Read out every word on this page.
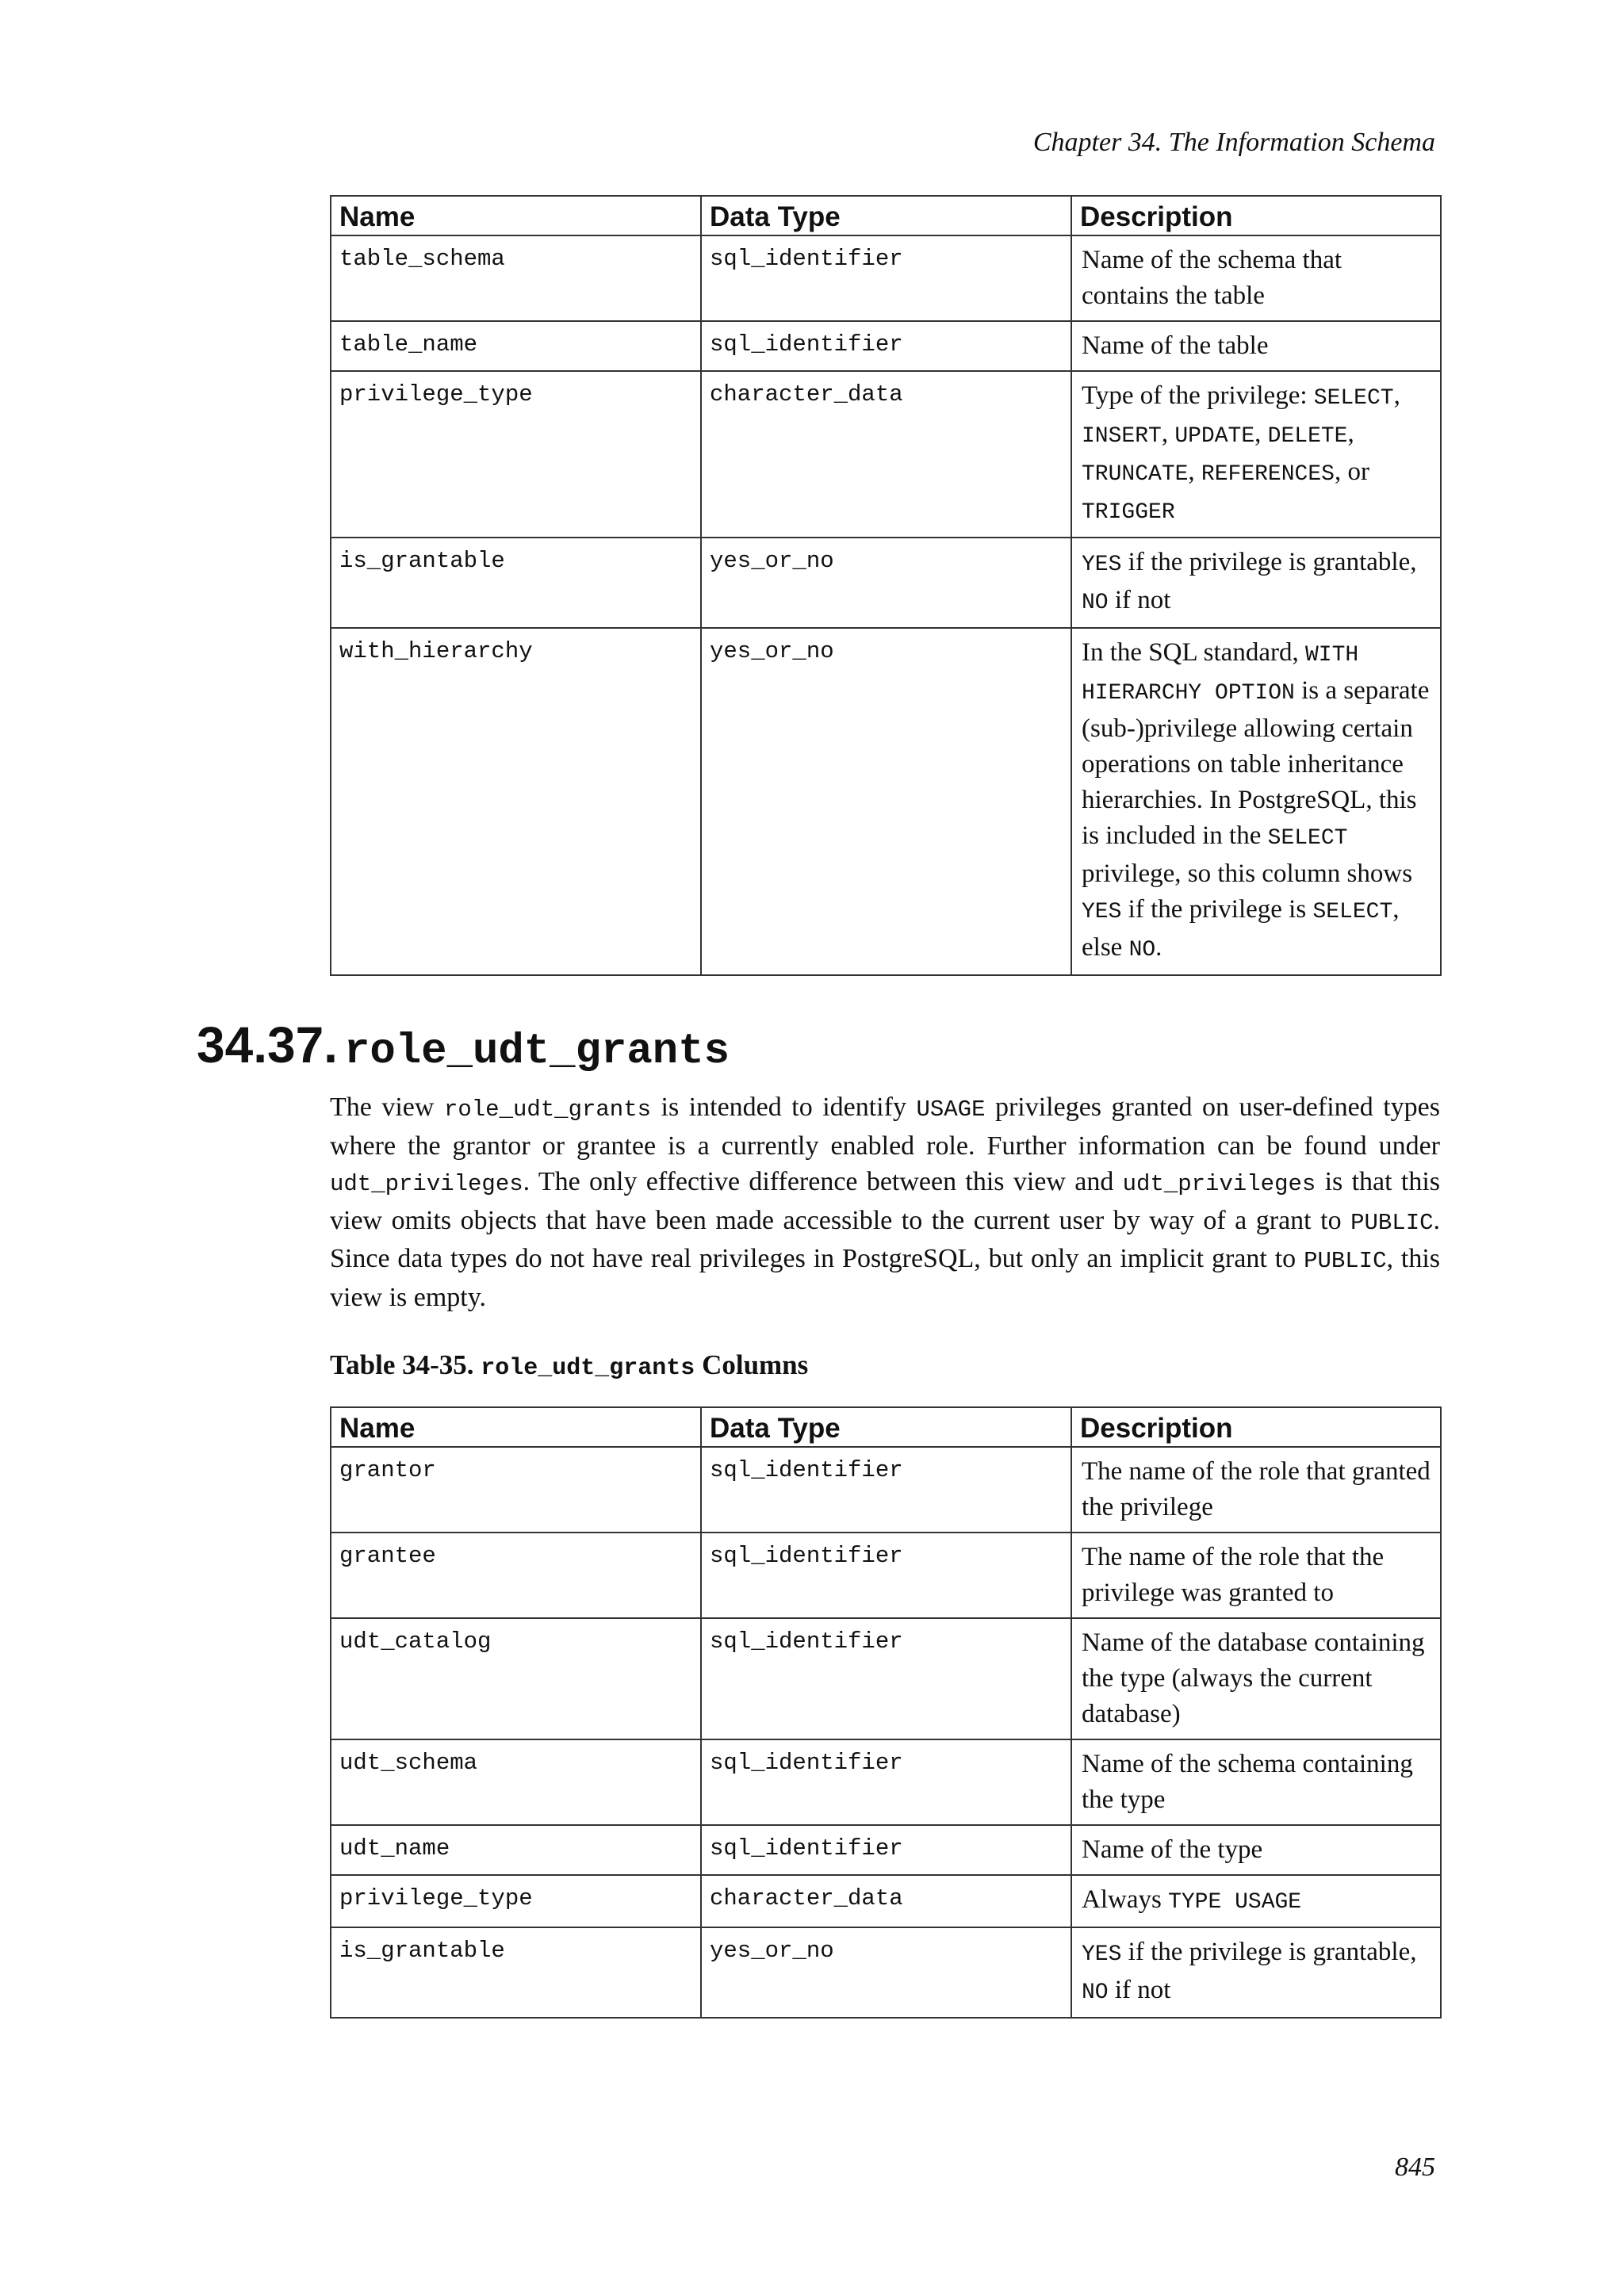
Chapter 34. The Information Schema
Name	Data Type	Description
table_schema	sql_identifier	Name of the schema that contains the table
table_name	sql_identifier	Name of the table
privilege_type	character_data	Type of the privilege: SELECT, INSERT, UPDATE, DELETE, TRUNCATE, REFERENCES, or TRIGGER
is_grantable	yes_or_no	YES if the privilege is grantable, NO if not
with_hierarchy	yes_or_no	In the SQL standard, WITH HIERARCHY OPTION is a separate (sub-)privilege allowing certain operations on table inheritance hierarchies. In PostgreSQL, this is included in the SELECT privilege, so this column shows YES if the privilege is SELECT, else NO.
34.37. role_udt_grants

The view role_udt_grants is intended to identify USAGE privileges granted on user-defined types where the grantor or grantee is a currently enabled role. Further information can be found under udt_privileges. The only effective difference between this view and udt_privileges is that this view omits objects that have been made accessible to the current user by way of a grant to PUBLIC. Since data types do not have real privileges in PostgreSQL, but only an implicit grant to PUBLIC, this view is empty.

Table 34-35. role_udt_grants Columns

Name	Data Type	Description
grantor	sql_identifier	The name of the role that granted the privilege
grantee	sql_identifier	The name of the role that the privilege was granted to
udt_catalog	sql_identifier	Name of the database containing the type (always the current database)
udt_schema	sql_identifier	Name of the schema containing the type
udt_name	sql_identifier	Name of the type
privilege_type	character_data	Always TYPE USAGE
is_grantable	yes_or_no	YES if the privilege is grantable, NO if not
845
